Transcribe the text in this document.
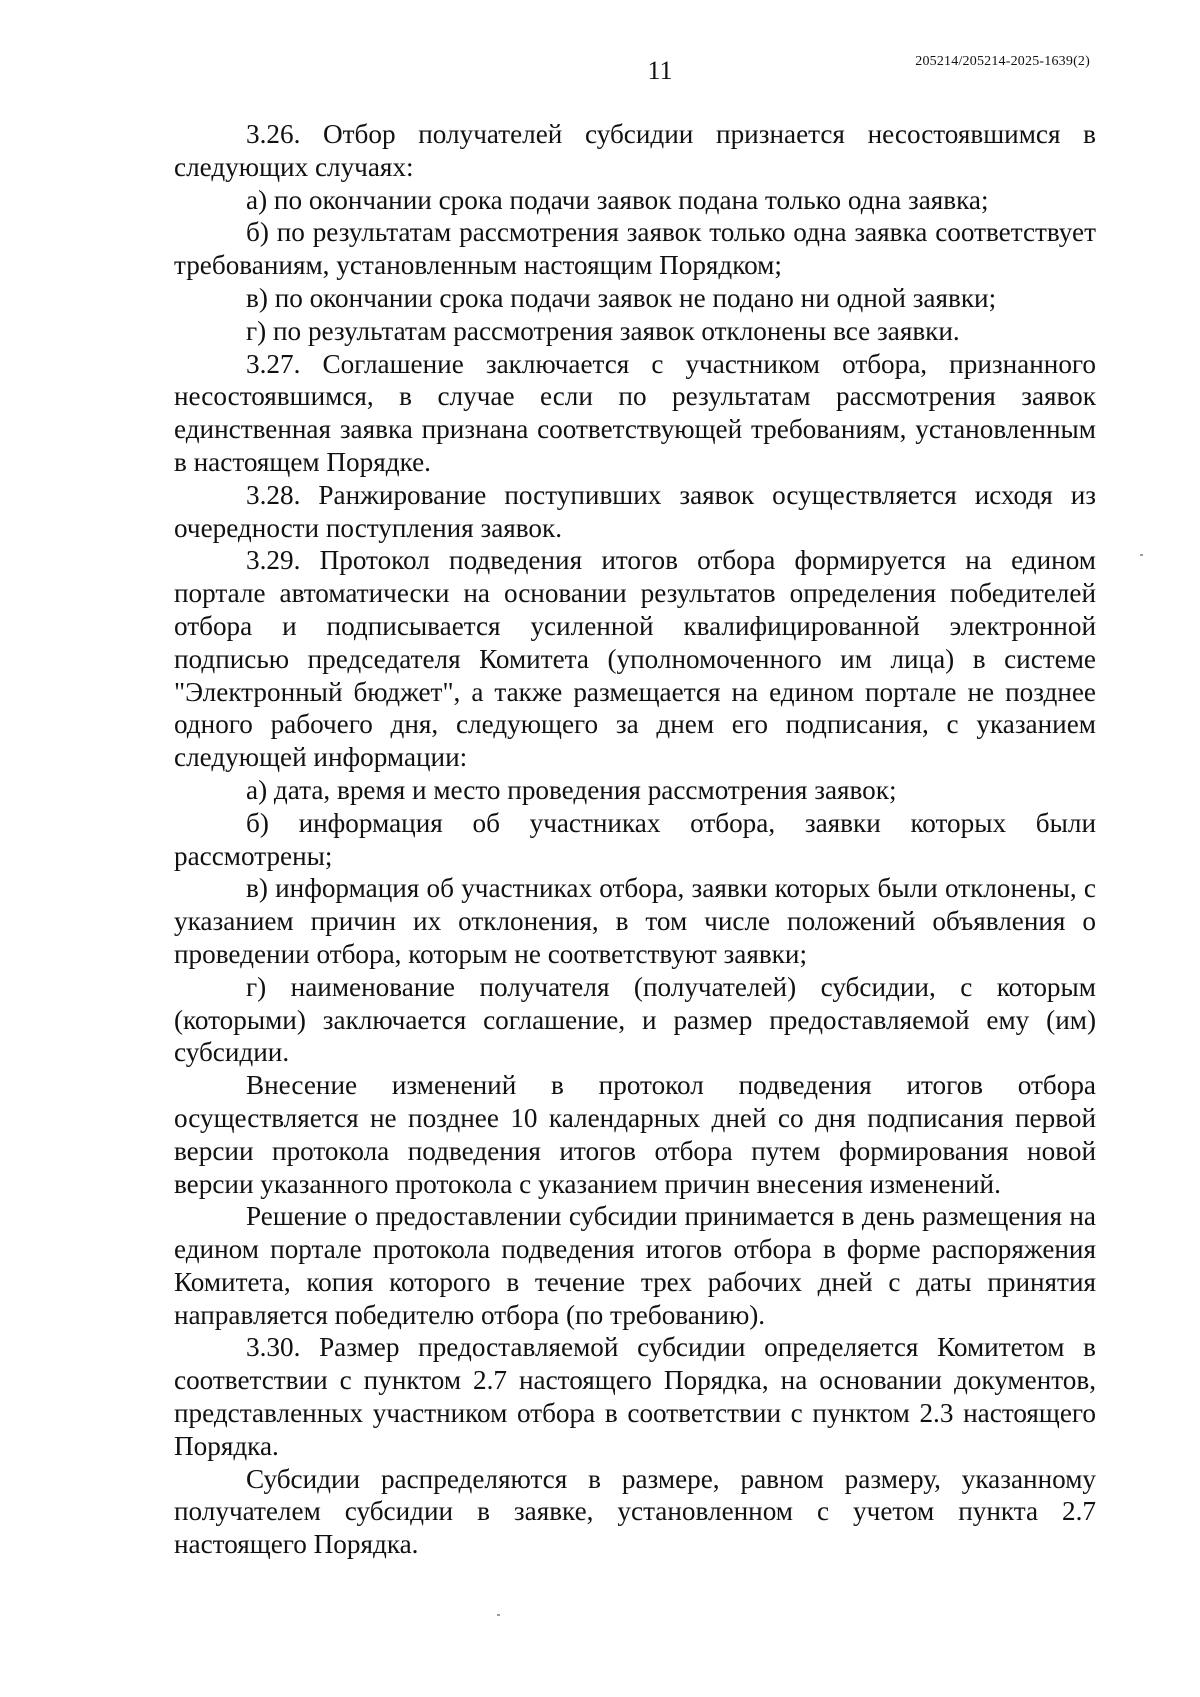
11	205214/205214-2025-1639(2)

3.26. Отбор получателей субсидии признается несостоявшимся в следующих случаях:

а) по окончании срока подачи заявок подана только одна заявка;

б) по результатам рассмотрения заявок только одна заявка соответствует требованиям, установленным настоящим Порядком;

в) по окончании срока подачи заявок не подано ни одной заявки;

г) по результатам рассмотрения заявок отклонены все заявки.

3.27. Соглашение заключается с участником отбора, признанного несостоявшимся, в случае если по результатам рассмотрения заявок единственная заявка признана соответствующей требованиям, установленным в настоящем Порядке.

3.28. Ранжирование поступивших заявок осуществляется исходя из очередности поступления заявок.

3.29. Протокол подведения итогов отбора формируется на едином портале автоматически на основании результатов определения победителей отбора и подписывается усиленной квалифицированной электронной подписью председателя Комитета (уполномоченного им лица) в системе "Электронный бюджет", а также размещается на едином портале не позднее одного рабочего дня, следующего за днем его подписания, с указанием следующей информации:

а) дата, время и место проведения рассмотрения заявок;

б) информация об участниках отбора, заявки которых были рассмотрены;

в) информация об участниках отбора, заявки которых были отклонены, с указанием причин их отклонения, в том числе положений объявления о проведении отбора, которым не соответствуют заявки;

г) наименование получателя (получателей) субсидии, с которым (которыми) заключается соглашение, и размер предоставляемой ему (им) субсидии.

Внесение изменений в протокол подведения итогов отбора осуществляется не позднее 10 календарных дней со дня подписания первой версии протокола подведения итогов отбора путем формирования новой версии указанного протокола с указанием причин внесения изменений.

Решение о предоставлении субсидии принимается в день размещения на едином портале протокола подведения итогов отбора в форме распоряжения Комитета, копия которого в течение трех рабочих дней с даты принятия направляется победителю отбора (по требованию).

3.30. Размер предоставляемой субсидии определяется Комитетом в соответствии с пунктом 2.7 настоящего Порядка, на основании документов, представленных участником отбора в соответствии с пунктом 2.3 настоящего Порядка.

Субсидии распределяются в размере, равном размеру, указанному получателем субсидии в заявке, установленном с учетом пункта 2.7 настоящего Порядка.
